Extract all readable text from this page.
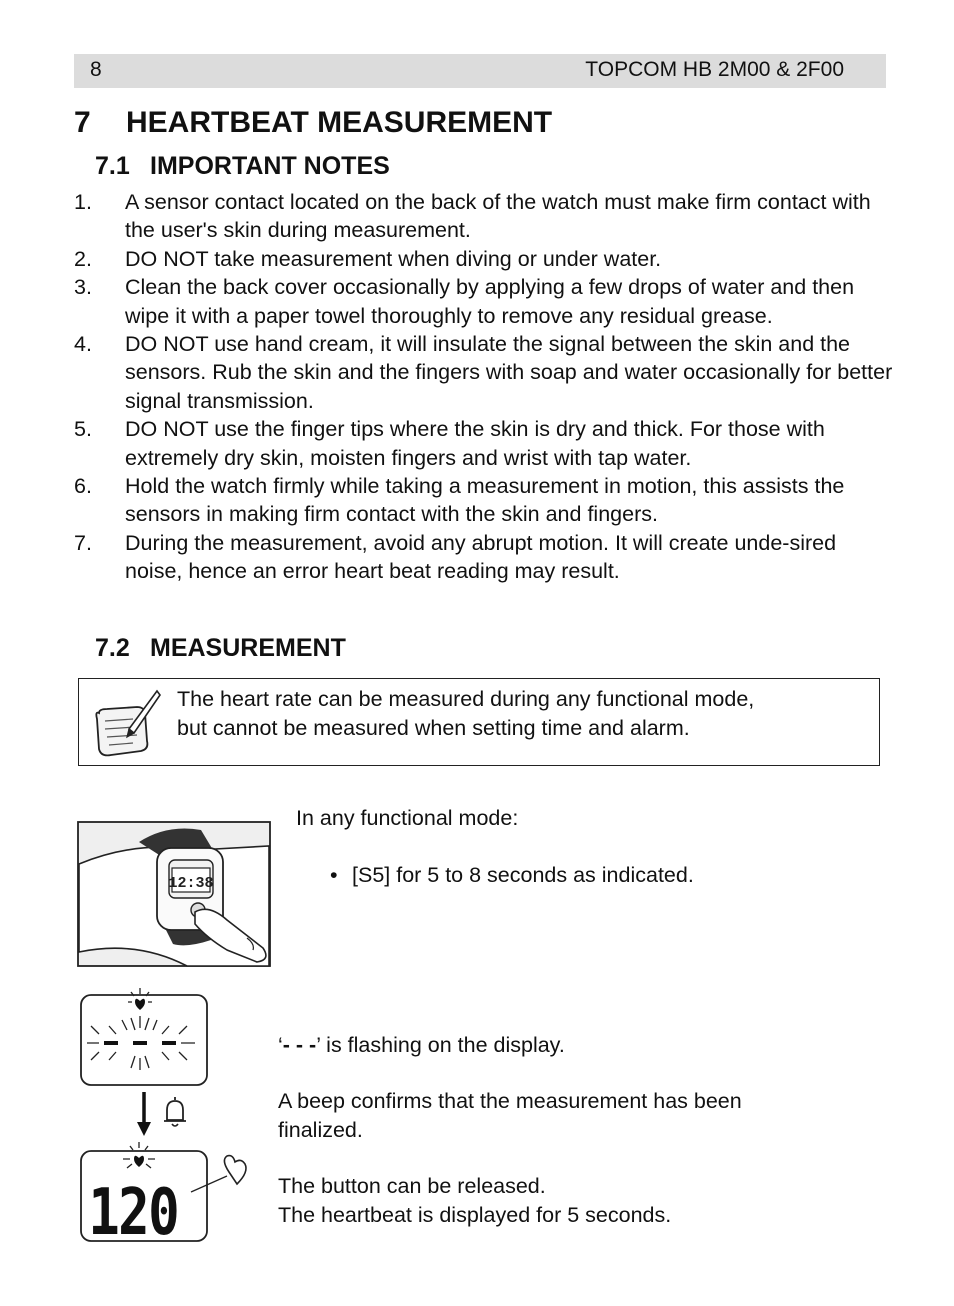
8	TOPCOM HB 2M00 & 2F00
7 HEARTBEAT MEASUREMENT
7.1 IMPORTANT NOTES
1. A sensor contact located on the back of the watch must make firm contact with the user's skin during measurement.
2. DO NOT take measurement when diving or under water.
3. Clean the back cover occasionally by applying a few drops of water and then wipe it with a paper towel thoroughly to remove any residual grease.
4. DO NOT use hand cream, it will insulate the signal between the skin and the sensors. Rub the skin and the fingers with soap and water occasionally for better signal transmission.
5. DO NOT use the finger tips where the skin is dry and thick. For those with extremely dry skin, moisten fingers and wrist with tap water.
6. Hold the watch firmly while taking a measurement in motion, this assists the sensors in making firm contact with the skin and fingers.
7. During the measurement, avoid any abrupt motion. It will create unde-sired noise, hence an error heart beat reading may result.
7.2 MEASUREMENT
The heart rate can be measured during any functional mode,
but cannot be measured when setting time and alarm.
12:38
In any functional mode:
• [S5] for 5 to 8 seconds as indicated.
120
‘- - -’ is flashing on the display.
A beep confirms that the measurement has been
finalized.
The button can be released.
The heartbeat is displayed for 5 seconds.
